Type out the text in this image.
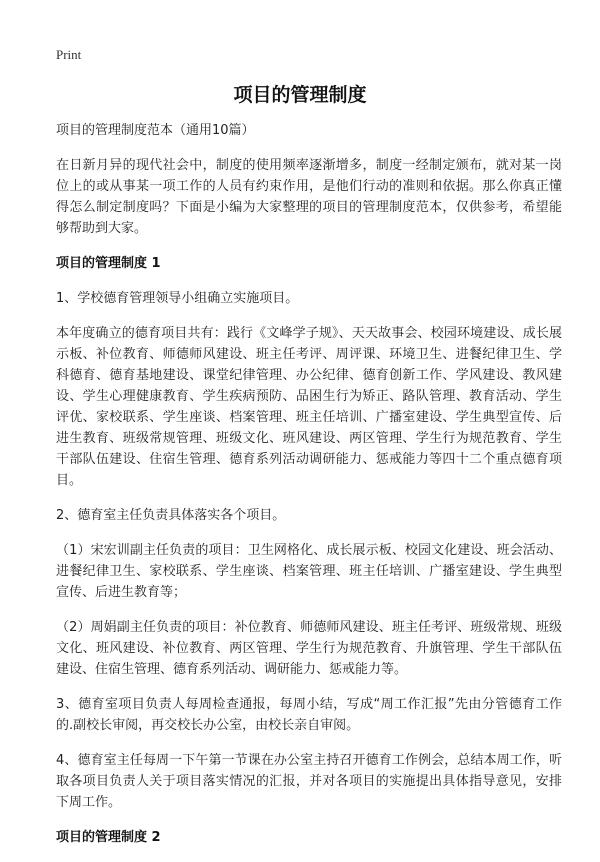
Print
项目的管理制度

项目的管理制度范本（通用10篇）

在日新月异的现代社会中，制度的使用频率逐渐增多，制度一经制定颁布，就对某一岗位上的或从事某一项工作的人员有约束作用，是他们行动的准则和依据。那么你真正懂得怎么制定制度吗？下面是小编为大家整理的项目的管理制度范本，仅供参考，希望能够帮助到大家。

项目的管理制度 1

1、学校德育管理领导小组确立实施项目。

本年度确立的德育项目共有：践行《文峰学子规》、天天故事会、校园环境建设、成长展示板、补位教育、师德师风建设、班主任考评、周评课、环境卫生、进餐纪律卫生、学科德育、德育基地建设、课堂纪律管理、办公纪律、德育创新工作、学风建设、教风建设、学生心理健康教育、学生疾病预防、品困生行为矫正、路队管理、教育活动、学生评优、家校联系、学生座谈、档案管理、班主任培训、广播室建设、学生典型宣传、后进生教育、班级常规管理、班级文化、班风建设、两区管理、学生行为规范教育、学生干部队伍建设、住宿生管理、德育系列活动调研能力、惩戒能力等四十二个重点德育项目。

2、德育室主任负责具体落实各个项目。

（1）宋宏训副主任负责的项目：卫生网格化、成长展示板、校园文化建设、班会活动、进餐纪律卫生、家校联系、学生座谈、档案管理、班主任培训、广播室建设、学生典型宣传、后进生教育等；

（2）周娟副主任负责的项目：补位教育、师德师风建设、班主任考评、班级常规、班级文化、班风建设、补位教育、两区管理、学生行为规范教育、升旗管理、学生干部队伍建设、住宿生管理、德育系列活动、调研能力、惩戒能力等。

3、德育室项目负责人每周检查通报，每周小结，写成“周工作汇报”先由分管德育工作的.副校长审阅，再交校长办公室，由校长亲自审阅。

4、德育室主任每周一下午第一节课在办公室主持召开德育工作例会，总结本周工作，听取各项目负责人关于项目落实情况的汇报，并对各项目的实施提出具体指导意见，安排下周工作。

项目的管理制度 2
